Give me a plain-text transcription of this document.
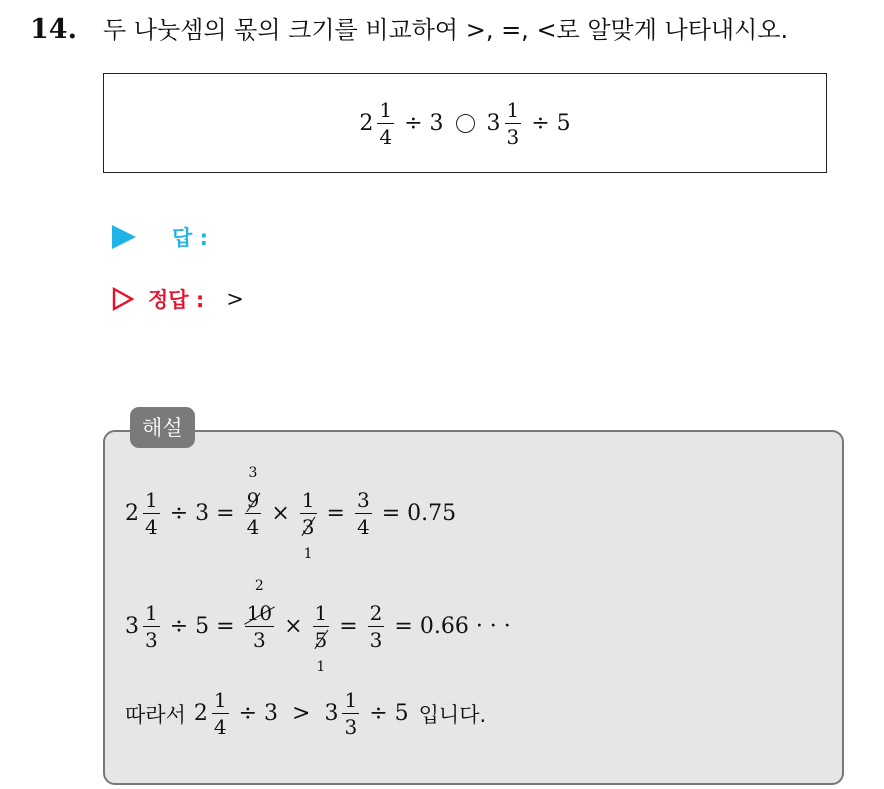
14. 두 나눗셈의 몫의 크기를 비교하여 >, =, <로 알맞게 나타내시오.
$2 \frac{1}{4} \div 3$ $3 \frac{1}{3} \div 5$
답 :
정답 : >
해설
$2 \frac{1}{4} \div 3 = 9$
3
4 × 1
3
$1 = \frac{3}{4} = 0.75$
$3 \frac{1}{3} \div 5 = 10$
2
3 × 1
5
$1 = \frac{2}{3} = 0.66$ · · ·
따라서 $2 \frac{1}{4} \div 3 > 3 \frac{1}{3} \div 5$ 입니다.
